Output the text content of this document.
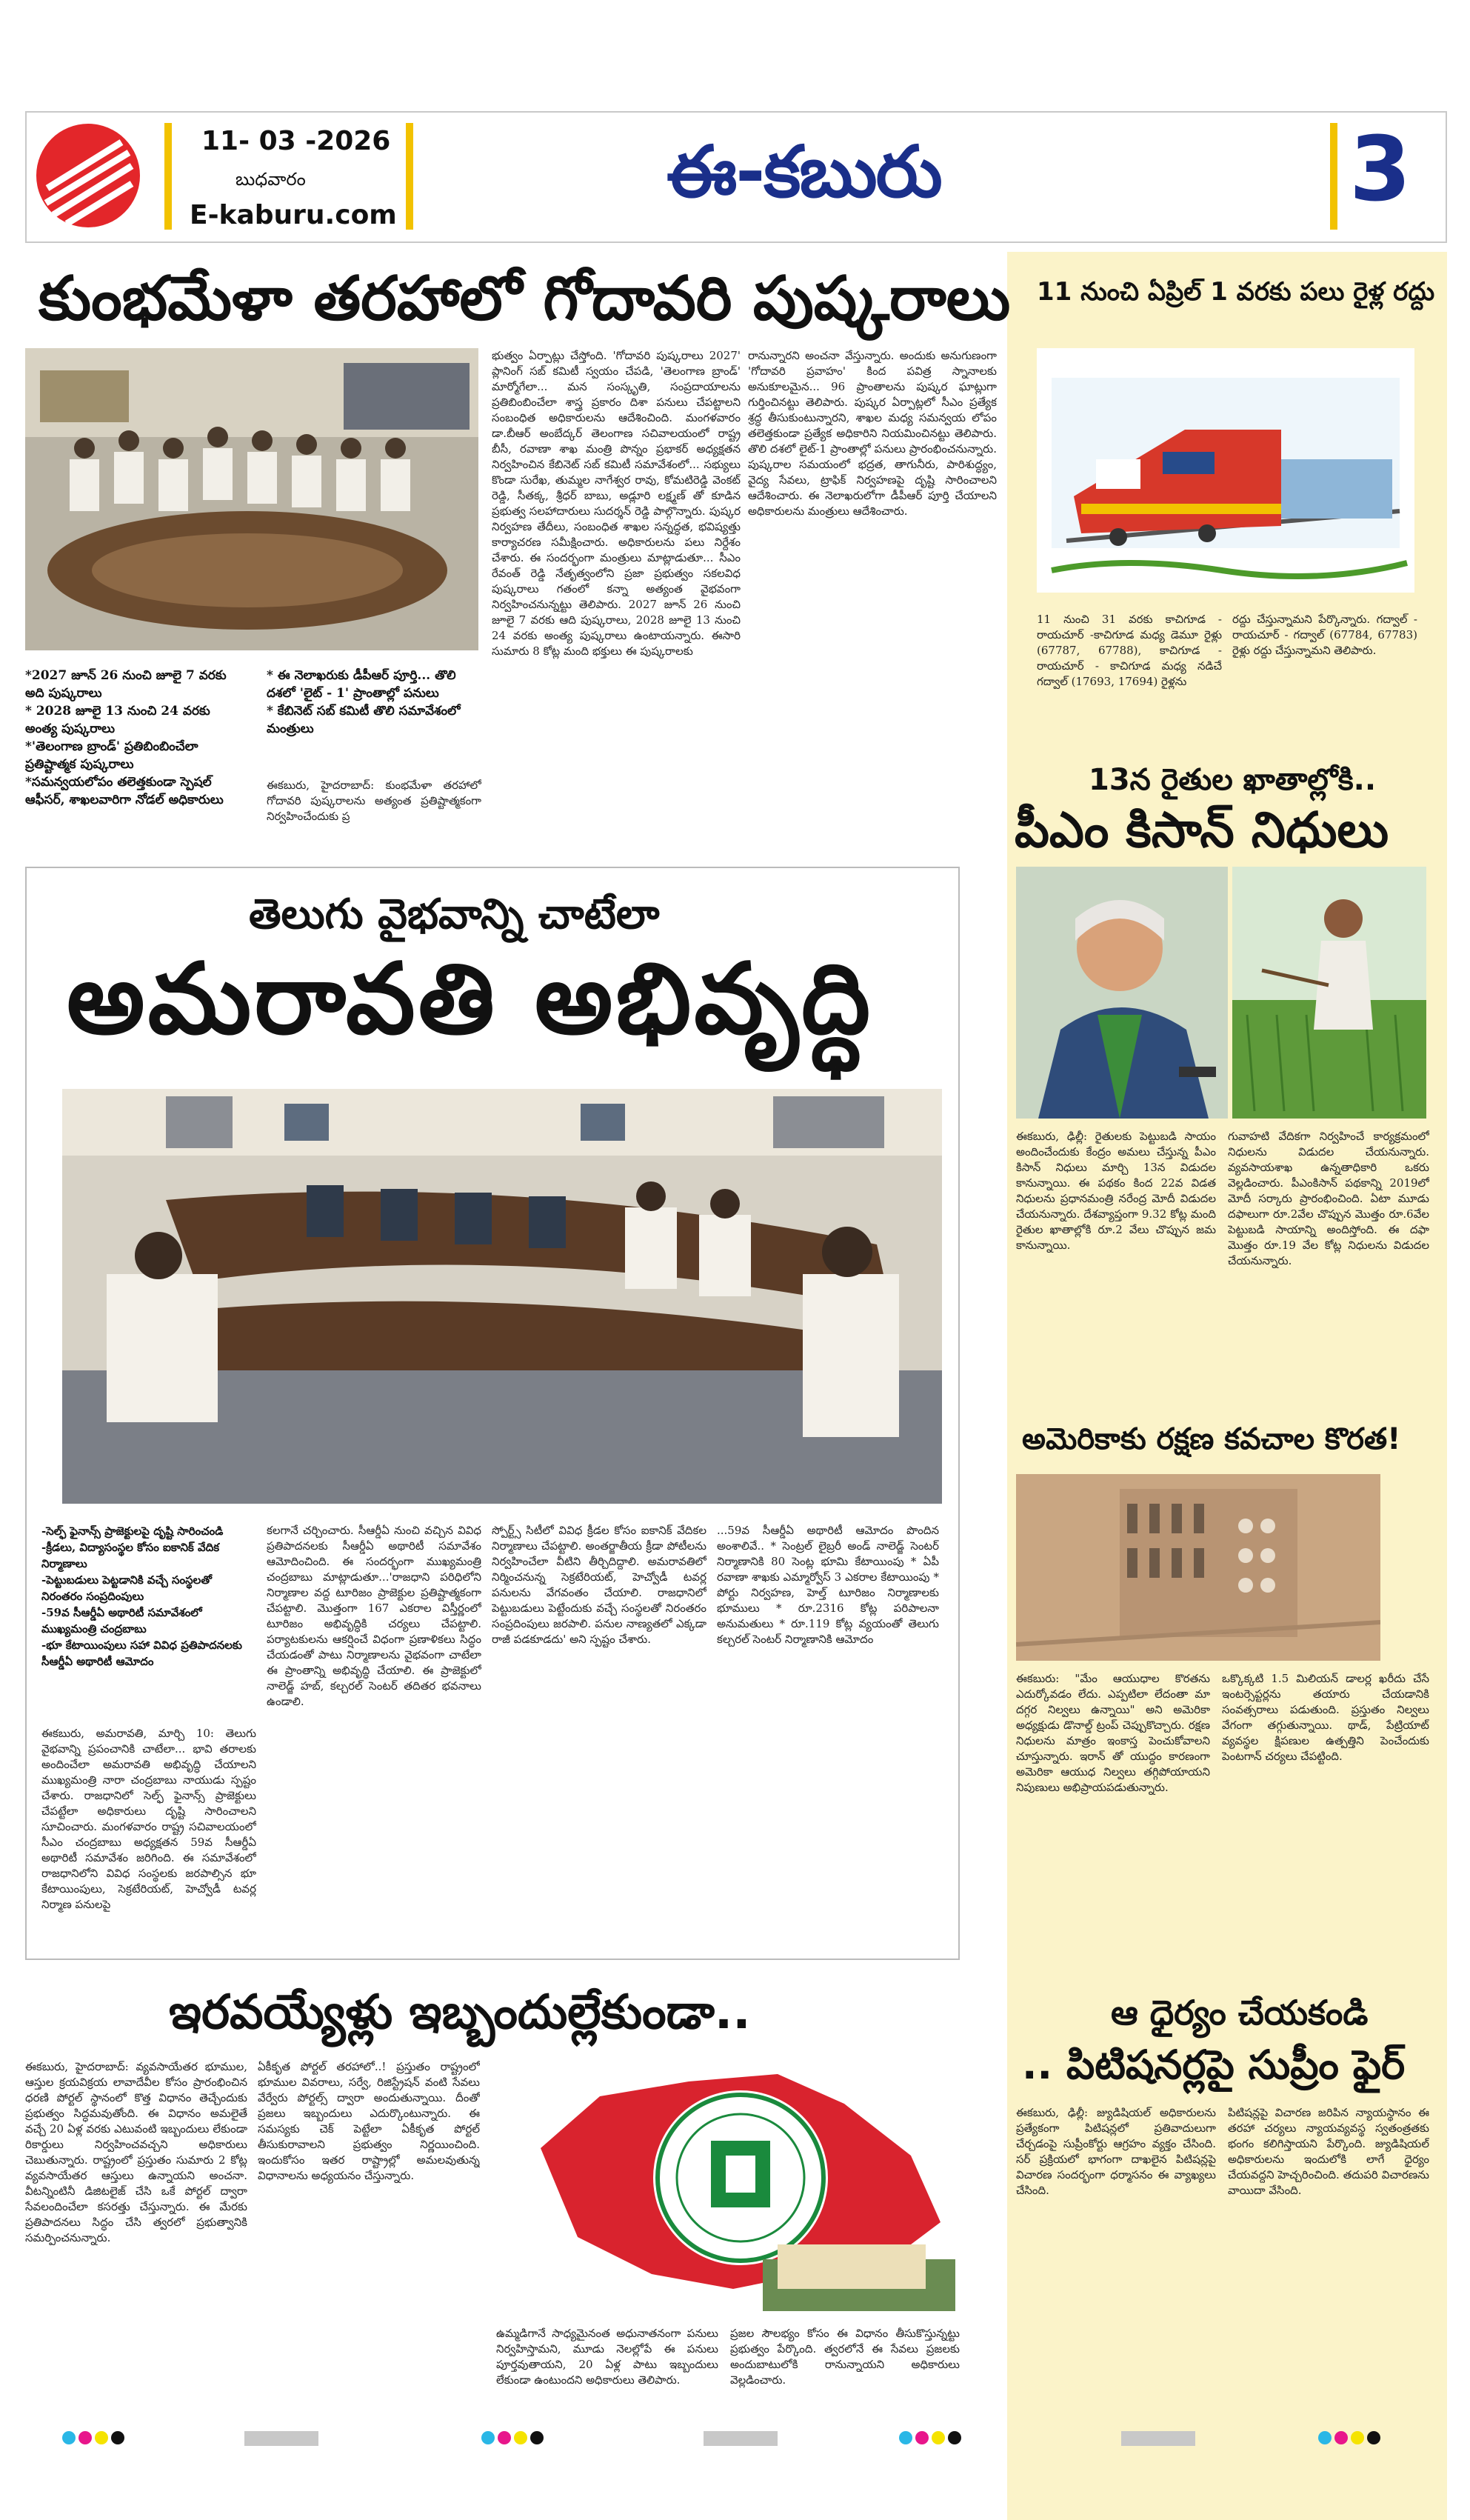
11- 03 -2026
బుధవారం
E-kaburu.com
ఈ-కబురు	3
కుంభమేళా తరహాలో గోదావరి పుష్కరాలు
*2027 జూన్ 26 నుంచి జూలై 7 వరకు అది పుష్కరాలు
* 2028 జూలై 13 నుంచి 24 వరకు అంత్య పుష్కరాలు
*'తెలంగాణ బ్రాండ్' ప్రతిబింబించేలా ప్రతిష్టాత్మక పుష్కరాలు
*సమన్వయలోపం తలెత్తకుండా స్పెషల్ ఆఫీసర్, శాఖలవారిగా నోడల్ అధికారులు
* ఈ నెలాఖరుకు డీపీఆర్ పూర్తి... తొలి దశలో 'లైట్ - 1' ప్రాంతాల్లో పనులు
* కేబినెట్ సబ్ కమిటీ తొలి సమావేశంలో మంత్రులు
ఈకబురు, హైదరాబాద్: కుంభమేళా తరహాలో గోదావరి పుష్కరాలను అత్యంత ప్రతిష్టాత్మకంగా నిర్వహించేందుకు ప్ర
భుత్వం ఏర్పాట్లు చేస్తోంది. 'గోదావరి పుష్కరాలు 2027' ప్లానింగ్ సబ్ కమిటీ స్వయం చేపడి, 'తెలంగాణ బ్రాండ్' మార్మోగేలా... మన సంస్కృతి, సంప్రదాయాలను ప్రతిబింబించేలా శాస్త్ర ప్రకారం దిశా పనులు చేపట్టాలని సంబంధిత అధికారులను ఆదేశించింది. మంగళవారం డా.బీఆర్ అంబేద్కర్ తెలంగాణ సచివాలయంలో రాష్ట్ర బీసీ, రవాణా శాఖ మంత్రి పొన్నం ప్రభాకర్ అధ్యక్షతన నిర్వహించిన కేబినెట్ సబ్ కమిటీ సమావేశంలో... సభ్యులు కొండా సురేఖ, తుమ్మల నాగేశ్వర రావు, కోమటిరెడ్డి వెంకట్ రెడ్డి, సీతక్క, శ్రీధర్ బాబు, అడ్లూరి లక్ష్మణ్ తో కూడిన ప్రభుత్వ సలహాదారులు సుదర్శన్ రెడ్డి పాల్గొన్నారు. పుష్కర నిర్వహణ తేదీలు, సంబంధిత శాఖల సన్నద్ధత, భవిష్యత్తు కార్యాచరణ సమీక్షించారు. అధికారులను పలు నిర్దేశం చేశారు. ఈ సందర్భంగా మంత్రులు మాట్లాడుతూ... సీఎం రేవంత్ రెడ్డి నేతృత్వంలోని ప్రజా ప్రభుత్వం సకలవిధ పుష్కరాలు గతంలో కన్నా అత్యంత వైభవంగా నిర్వహించనున్నట్టు తెలిపారు. 2027 జూన్ 26 నుంచి జూలై 7 వరకు ఆది పుష్కరాలు, 2028 జూలై 13 నుంచి 24 వరకు అంత్య పుష్కరాలు ఉంటాయన్నారు. ఈసారి సుమారు 8 కోట్ల మంది భక్తులు ఈ పుష్కరాలకు
రానున్నారని అంచనా వేస్తున్నారు. అందుకు అనుగుణంగా 'గోదావరి ప్రవాహం' కింద పవిత్ర స్నానాలకు అనుకూలమైన... 96 ప్రాంతాలను పుష్కర ఘాట్లుగా గుర్తించినట్టు తెలిపారు. పుష్కర ఏర్పాట్లలో సీఎం ప్రత్యేక శ్రద్ధ తీసుకుంటున్నారని, శాఖల మధ్య సమన్వయ లోపం తలెత్తకుండా ప్రత్యేక అధికారిని నియమించినట్టు తెలిపారు. తొలి దశలో లైట్-1 ప్రాంతాల్లో పనులు ప్రారంభించనున్నారు. పుష్కరాల సమయంలో భద్రత, తాగునీరు, పారిశుద్ధ్యం, వైద్య సేవలు, ట్రాఫిక్ నిర్వహణపై దృష్టి సారించాలని ఆదేశించారు. ఈ నెలాఖరులోగా డీపీఆర్ పూర్తి చేయాలని అధికారులను మంత్రులు ఆదేశించారు.
తెలుగు వైభవాన్ని చాటేలా
అమరావతి అభివృద్ధి
-సెల్ఫ్ ఫైనాన్స్ ప్రాజెక్టులపై దృష్టి సారించండి
-క్రీడలు, విద్యాసంస్థల కోసం ఐకానిక్ వేదిక నిర్మాణాలు
-పెట్టుబడులు పెట్టడానికి వచ్చే సంస్థలతో నిరంతరం సంప్రదింపులు
-59వ సీఆర్డీఏ అథారిటీ సమావేశంలో ముఖ్యమంత్రి చంద్రబాబు
-భూ కేటాయింపులు సహా వివిధ ప్రతిపాదనలకు సీఆర్డీఏ అథారిటీ ఆమోదం
ఈకబురు, అమరావతి, మార్చి 10: తెలుగు వైభవాన్ని ప్రపంచానికి చాటేలా... భావి తరాలకు అందించేలా అమరావతి అభివృద్ధి చేయాలని ముఖ్యమంత్రి నారా చంద్రబాబు నాయుడు స్పష్టం చేశారు. రాజధానిలో సెల్ఫ్ ఫైనాన్స్ ప్రాజెక్టులు చేపట్టేలా అధికారులు దృష్టి సారించాలని సూచించారు. మంగళవారం రాష్ట్ర సచివాలయంలో సీఎం చంద్రబాబు అధ్యక్షతన 59వ సీఆర్డీఏ అథారిటీ సమావేశం జరిగింది. ఈ సమావేశంలో రాజధానిలోని వివిధ సంస్థలకు జరపాల్సిన భూ కేటాయింపులు, సెక్రటేరియట్, హెచ్వోడీ టవర్ల నిర్మాణ పనులపై
కలగానే చర్చించారు. సీఆర్డీఏ నుంచి వచ్చిన వివిధ ప్రతిపాదనలకు సీఆర్డీఏ అథారిటీ సమావేశం ఆమోదించింది. ఈ సందర్భంగా ముఖ్యమంత్రి చంద్రబాబు మాట్లాడుతూ...'రాజధాని పరిధిలోని నిర్మాణాల వద్ద టూరిజం ప్రాజెక్టుల ప్రతిష్టాత్మకంగా చేపట్టాలి. మొత్తంగా 167 ఎకరాల విస్తీర్ణంలో టూరిజం అభివృద్ధికి చర్యలు చేపట్టాలి. పర్యాటకులను ఆకర్షించే విధంగా ప్రణాళికలు సిద్ధం చేయడంతో పాటు నిర్మాణాలను వైభవంగా చాటేలా ఈ ప్రాంతాన్ని అభివృద్ధి చేయాలి. ఈ ప్రాజెక్టులో నాలెడ్జ్ హబ్, కల్చరల్ సెంటర్ తదితర భవనాలు ఉండాలి.
స్పోర్ట్స్ సిటీలో వివిధ క్రీడల కోసం ఐకానిక్ వేదికల నిర్మాణాలు చేపట్టాలి. అంతర్జాతీయ క్రీడా పోటీలను నిర్వహించేలా వీటిని తీర్చిదిద్దాలి. అమరావతిలో నిర్మించనున్న సెక్రటేరియట్, హెచ్వోడీ టవర్ల పనులను వేగవంతం చేయాలి. రాజధానిలో పెట్టుబడులు పెట్టేందుకు వచ్చే సంస్థలతో నిరంతరం సంప్రదింపులు జరపాలి. పనుల నాణ్యతలో ఎక్కడా రాజీ పడకూడదు' అని స్పష్టం చేశారు.
...59వ సీఆర్డీఏ అథారిటీ ఆమోదం పొందిన అంశాలివే.. * సెంట్రల్ లైబ్రరీ అండ్ నాలెడ్జ్ సెంటర్ నిర్మాణానికి 80 సెంట్ల భూమి కేటాయింపు * ఏపీ రవాణా శాఖకు ఎమ్మార్వోస్ 3 ఎకరాల కేటాయింపు * పోర్టు నిర్వహణ, హెల్త్ టూరిజం నిర్మాణాలకు భూములు * రూ.2316 కోట్ల పరిపాలనా అనుమతులు * రూ.119 కోట్ల వ్యయంతో తెలుగు కల్చరల్ సెంటర్ నిర్మాణానికి ఆమోదం
ఇరవయ్యేళ్లు ఇబ్బందుల్లేకుండా..
ఈకబురు, హైదరాబాద్: వ్యవసాయేతర భూముల, ఆస్తుల క్రయవిక్రయ లావాదేవీల కోసం ప్రారంభించిన ధరణి పోర్టల్ స్థానంలో కొత్త విధానం తెచ్చేందుకు ప్రభుత్వం సిద్ధమవుతోంది. ఈ విధానం అమలైతే వచ్చే 20 ఏళ్ల వరకు ఎటువంటి ఇబ్బందులు లేకుండా రికార్డులు నిర్వహించవచ్చని అధికారులు చెబుతున్నారు. రాష్ట్రంలో ప్రస్తుతం సుమారు 2 కోట్ల వ్యవసాయేతర ఆస్తులు ఉన్నాయని అంచనా. వీటన్నింటినీ డిజిటలైజ్ చేసి ఒకే పోర్టల్ ద్వారా సేవలందించేలా కసరత్తు చేస్తున్నారు. ఈ మేరకు ప్రతిపాదనలు సిద్ధం చేసి త్వరలో ప్రభుత్వానికి సమర్పించనున్నారు.
ఏకీకృత పోర్టల్ తరహాలో..! ప్రస్తుతం రాష్ట్రంలో భూముల వివరాలు, సర్వే, రిజిస్ట్రేషన్ వంటి సేవలు వేర్వేరు పోర్టల్స్ ద్వారా అందుతున్నాయి. దీంతో ప్రజలు ఇబ్బందులు ఎదుర్కొంటున్నారు. ఈ సమస్యకు చెక్ పెట్టేలా ఏకీకృత పోర్టల్ తీసుకురావాలని ప్రభుత్వం నిర్ణయించింది. ఇందుకోసం ఇతర రాష్ట్రాల్లో అమలవుతున్న విధానాలను అధ్యయనం చేస్తున్నారు.
ఉమ్మడిగానే సాధ్యమైనంత అధునాతనంగా పనులు నిర్వహిస్తామని, మూడు నెలల్లోపే ఈ పనులు పూర్తవుతాయని, 20 ఏళ్ల పాటు ఇబ్బందులు లేకుండా ఉంటుందని అధికారులు తెలిపారు.
ప్రజల సౌలభ్యం కోసం ఈ విధానం తీసుకొస్తున్నట్టు ప్రభుత్వం పేర్కొంది. త్వరలోనే ఈ సేవలు ప్రజలకు అందుబాటులోకి రానున్నాయని అధికారులు వెల్లడించారు.
11 నుంచి ఏప్రిల్ 1 వరకు పలు రైళ్ల రద్దు
11 నుంచి 31 వరకు కాచిగూడ - రాయచూర్ -కాచిగూడ మధ్య డెమూ రైళ్లు (67787, 67788), కాచిగూడ - రాయచూర్ - కాచిగూడ మధ్య నడిచే గద్వాల్ (17693, 17694) రైళ్లను
రద్దు చేస్తున్నామని పేర్కొన్నారు. గద్వాల్ - రాయచూర్ - గద్వాల్ (67784, 67783) రైళ్లు రద్దు చేస్తున్నామని తెలిపారు.
13న రైతుల ఖాతాల్లోకి..
పీఎం కిసాన్ నిధులు
ఈకబురు, ఢిల్లీ: రైతులకు పెట్టుబడి సాయం అందించేందుకు కేంద్రం అమలు చేస్తున్న పీఎం కిసాన్ నిధులు మార్చి 13న విడుదల కానున్నాయి. ఈ పథకం కింద 22వ విడత నిధులను ప్రధానమంత్రి నరేంద్ర మోదీ విడుదల చేయనున్నారు. దేశవ్యాప్తంగా 9.32 కోట్ల మంది రైతుల ఖాతాల్లోకి రూ.2 వేలు చొప్పున జమ కానున్నాయి.
గువాహటి వేదికగా నిర్వహించే కార్యక్రమంలో నిధులను విడుదల చేయనున్నారు. వ్యవసాయశాఖ ఉన్నతాధికారి ఒకరు వెల్లడించారు. పీఎంకిసాన్ పథకాన్ని 2019లో మోదీ సర్కారు ప్రారంభించింది. ఏటా మూడు దఫాలుగా రూ.2వేల చొప్పున మొత్తం రూ.6వేల పెట్టుబడి సాయాన్ని అందిస్తోంది. ఈ దఫా మొత్తం రూ.19 వేల కోట్ల నిధులను విడుదల చేయనున్నారు.
అమెరికాకు రక్షణ కవచాల కొరత!
ఈకబురు: "మేం ఆయుధాల కొరతను ఎదుర్కోవడం లేదు. ఎప్పటిలా లేదంతా మా దగ్గర నిల్వలు ఉన్నాయి" అని అమెరికా అధ్యక్షుడు డొనాల్డ్ ట్రంప్ చెప్పుకొచ్చారు. రక్షణ నిధులను మాత్రం ఇంకాస్త పెంచుకోవాలని చూస్తున్నారు. ఇరాన్ తో యుద్ధం కారణంగా అమెరికా ఆయుధ నిల్వలు తగ్గిపోయాయని నిపుణులు అభిప్రాయపడుతున్నారు.
ఒక్కొక్కటి 1.5 మిలియన్ డాలర్ల ఖరీదు చేసే ఇంటర్సెప్టర్లను తయారు చేయడానికి సంవత్సరాలు పడుతుంది. ప్రస్తుతం నిల్వలు వేగంగా తగ్గుతున్నాయి. థాడ్, పేట్రియాట్ వ్యవస్థల క్షిపణుల ఉత్పత్తిని పెంచేందుకు పెంటగాన్ చర్యలు చేపట్టింది.
ఆ ధైర్యం చేయకండి
.. పిటిషనర్లపై సుప్రీం ఫైర్
ఈకబురు, ఢిల్లీ: జ్యుడిషియల్ అధికారులను ప్రత్యేకంగా పిటిషన్లలో ప్రతివాదులుగా చేర్చడంపై సుప్రీంకోర్టు ఆగ్రహం వ్యక్తం చేసింది. సర్ ప్రక్రియలో భాగంగా దాఖలైన పిటిషన్లపై విచారణ సందర్భంగా ధర్మాసనం ఈ వ్యాఖ్యలు చేసింది.
పిటిషన్లపై విచారణ జరిపిన న్యాయస్థానం ఈ తరహా చర్యలు న్యాయవ్యవస్థ స్వతంత్రతకు భంగం కలిగిస్తాయని పేర్కొంది. జ్యుడిషియల్ అధికారులను ఇందులోకి లాగే ధైర్యం చేయవద్దని హెచ్చరించింది. తదుపరి విచారణను వాయిదా వేసింది.
